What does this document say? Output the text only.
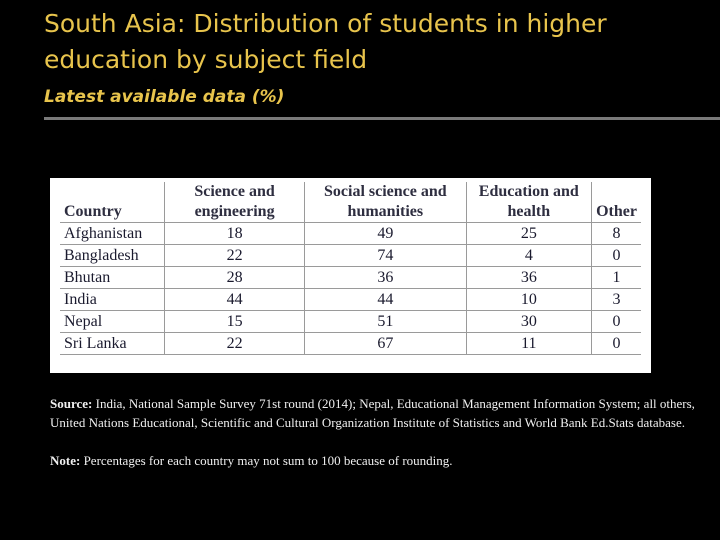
South Asia: Distribution of students in higher education by subject field
Latest available data (%)
Country	Science and engineering	Social science and humanities	Education and health	Other
Afghanistan	18	49	25	8
Bangladesh	22	74	4	0
Bhutan	28	36	36	1
India	44	44	10	3
Nepal	15	51	30	0
Sri Lanka	22	67	11	0

Source: India, National Sample Survey 71st round (2014); Nepal, Educational Management Information System; all others, United Nations Educational, Scientific and Cultural Organization Institute of Statistics and World Bank Ed.Stats database.

Note: Percentages for each country may not sum to 100 because of rounding.
